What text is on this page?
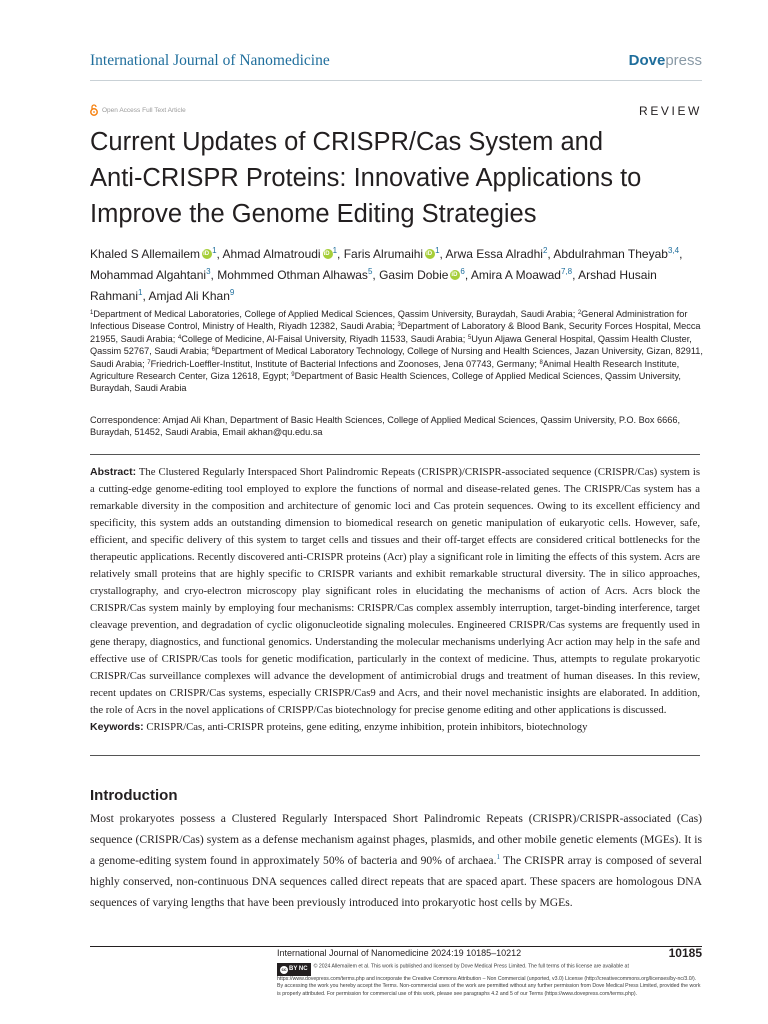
International Journal of Nanomedicine	Dovepress
Open Access Full Text Article	REVIEW
Current Updates of CRISPR/Cas System and
Anti-CRISPR Proteins: Innovative Applications to
Improve the Genome Editing Strategies
Khaled S Allemailem iD $^1$, Ahmad Almatroudi iD $^1$, Faris Alrumaihi iD $^1$, Arwa Essa Alradhi$^2$, Abdulrahman Theyab$^{3,4}$, Mohammad Algahtani$^3$, Mohmmed Othman Alhawas$^5$, Gasim Dobie iD $^6$, Amira A Moawad$^{7,8}$, Arshad Husain Rahmani$^1$, Amjad Ali Khan$^9$
$^1$Department of Medical Laboratories, College of Applied Medical Sciences, Qassim University, Buraydah, Saudi Arabia; $^2$General Administration for Infectious Disease Control, Ministry of Health, Riyadh 12382, Saudi Arabia; $^3$Department of Laboratory & Blood Bank, Security Forces Hospital, Mecca 21955, Saudi Arabia; $^4$College of Medicine, Al-Faisal University, Riyadh 11533, Saudi Arabia; $^5$Uyun Aljawa General Hospital, Qassim Health Cluster, Qassim 52767, Saudi Arabia; $^6$Department of Medical Laboratory Technology, College of Nursing and Health Sciences, Jazan University, Gizan, 82911, Saudi Arabia; $^7$Friedrich-Loeffler-Institut, Institute of Bacterial Infections and Zoonoses, Jena 07743, Germany; $^8$Animal Health Research Institute, Agriculture Research Center, Giza 12618, Egypt; $^9$Department of Basic Health Sciences, College of Applied Medical Sciences, Qassim University, Buraydah, Saudi Arabia
Correspondence: Amjad Ali Khan, Department of Basic Health Sciences, College of Applied Medical Sciences, Qassim University, P.O. Box 6666, Buraydah, 51452, Saudi Arabia, Email akhan@qu.edu.sa

Abstract: The Clustered Regularly Interspaced Short Palindromic Repeats (CRISPR)/CRISPR-associated sequence (CRISPR/Cas) system is a cutting-edge genome-editing tool employed to explore the functions of normal and disease-related genes. The CRISPR/Cas system has a remarkable diversity in the composition and architecture of genomic loci and Cas protein sequences. Owing to its excellent efficiency and specificity, this system adds an outstanding dimension to biomedical research on genetic manipulation of eukaryotic cells. However, safe, efficient, and specific delivery of this system to target cells and tissues and their off-target effects are considered critical bottlenecks for the therapeutic applications. Recently discovered anti-CRISPR proteins (Acr) play a significant role in limiting the effects of this system. Acrs are relatively small proteins that are highly specific to CRISPR variants and exhibit remarkable structural diversity. The in silico approaches, crystallography, and cryo-electron microscopy play significant roles in elucidating the mechanisms of action of Acrs. Acrs block the CRISPR/Cas system mainly by employing four mechanisms: CRISPR/Cas complex assembly interruption, target-binding interference, target cleavage prevention, and degradation of cyclic oligonucleotide signaling molecules. Engineered CRISPR/Cas systems are frequently used in gene therapy, diagnostics, and functional genomics. Understanding the molecular mechanisms underlying Acr action may help in the safe and effective use of CRISPR/Cas tools for genetic modification, particularly in the context of medicine. Thus, attempts to regulate prokaryotic CRISPR/Cas surveillance complexes will advance the development of antimicrobial drugs and treatment of human diseases. In this review, recent updates on CRISPR/Cas systems, especially CRISPR/Cas9 and Acrs, and their novel mechanistic insights are elaborated. In addition, the role of Acrs in the novel applications of CRISPP/Cas biotechnology for precise genome editing and other applications is discussed.

Keywords: CRISPR/Cas, anti-CRISPR proteins, gene editing, enzyme inhibition, protein inhibitors, biotechnology

Introduction

Most prokaryotes possess a Clustered Regularly Interspaced Short Palindromic Repeats (CRISPR)/CRISPR-associated (Cas) sequence (CRISPR/Cas) system as a defense mechanism against phages, plasmids, and other mobile genetic elements (MGEs). It is a genome-editing system found in approximately 50% of bacteria and 90% of archaea.$^1$ The CRISPR array is composed of several highly conserved, non-continuous DNA sequences called direct repeats that are spaced apart. These spacers are homologous DNA sequences of varying lengths that have been previously introduced into prokaryotic host cells by MGEs.

International Journal of Nanomedicine 2024:19 10185–10212	10185
cc BY NC © 2024 Allemailem et al. This work is published and licensed by Dove Medical Press Limited. The full terms of this license are available at https://www.dovepress.com/terms.php and incorporate the Creative Commons Attribution – Non Commercial (unported, v3.0) License (http://creativecommons.org/licenses/by-nc/3.0/). By accessing the work you hereby accept the Terms. Non-commercial uses of the work are permitted without any further permission from Dove Medical Press Limited, provided the work is properly attributed. For permission for commercial use of this work, please see paragraphs 4.2 and 5 of our Terms (https://www.dovepress.com/terms.php).
